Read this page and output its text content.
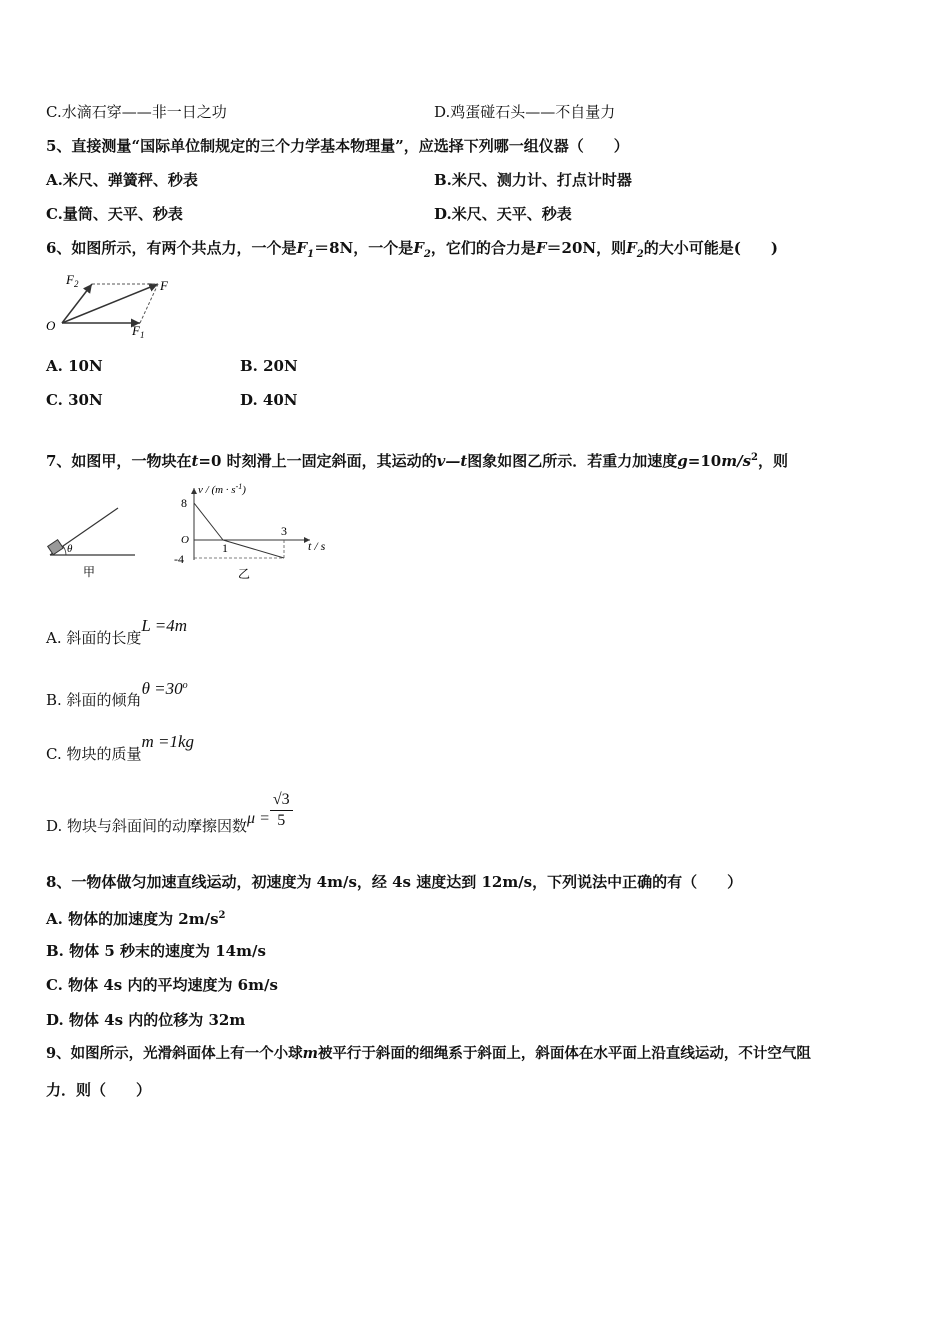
C.水滴石穿——非一日之功	D.鸡蛋碰石头——不自量力
5、直接测量“国际单位制规定的三个力学基本物理量”，应选择下列哪一组仪器（　　）
A.米尺、弹簧秤、秒表	B.米尺、测力计、打点计时器
C.量筒、天平、秒表	D.米尺、天平、秒表
6、如图所示，有两个共点力，一个是$F_1=8N$，一个是$F_2$，它们的合力是F＝20N，则$F_2$的大小可能是(　　)
$F_2$	F
O	$F_1$
A. 10N	B. 20N
C. 30N	D. 40N
7、如图甲，一物块在t=0 时刻滑上一固定斜面，其运动的v—t图象如图乙所示．若重力加速度$g=10m/s^2$，则
θ
甲
$v / (m \cdot s^{-1})$
8
O
-4
1
3
t / s
乙
A. 斜面的长度L =4m
B. 斜面的倾角$\theta =30^o$
C. 物块的质量m =1kg
D. 物块与斜面间的动摩擦因数$\mu = \frac{√3}{5}$
8、一物体做匀加速直线运动，初速度为 4m/s，经 4s 速度达到 12m/s，下列说法中正确的有（　　）
A. 物体的加速度为 $2m/s^2$
B. 物体 5 秒末的速度为 14m/s
C. 物体 4s 内的平均速度为 6m/s
D. 物体 4s 内的位移为 32m
9、如图所示，光滑斜面体上有一个小球m被平行于斜面的细绳系于斜面上，斜面体在水平面上沿直线运动，不计空气阻
力．则（　　）
